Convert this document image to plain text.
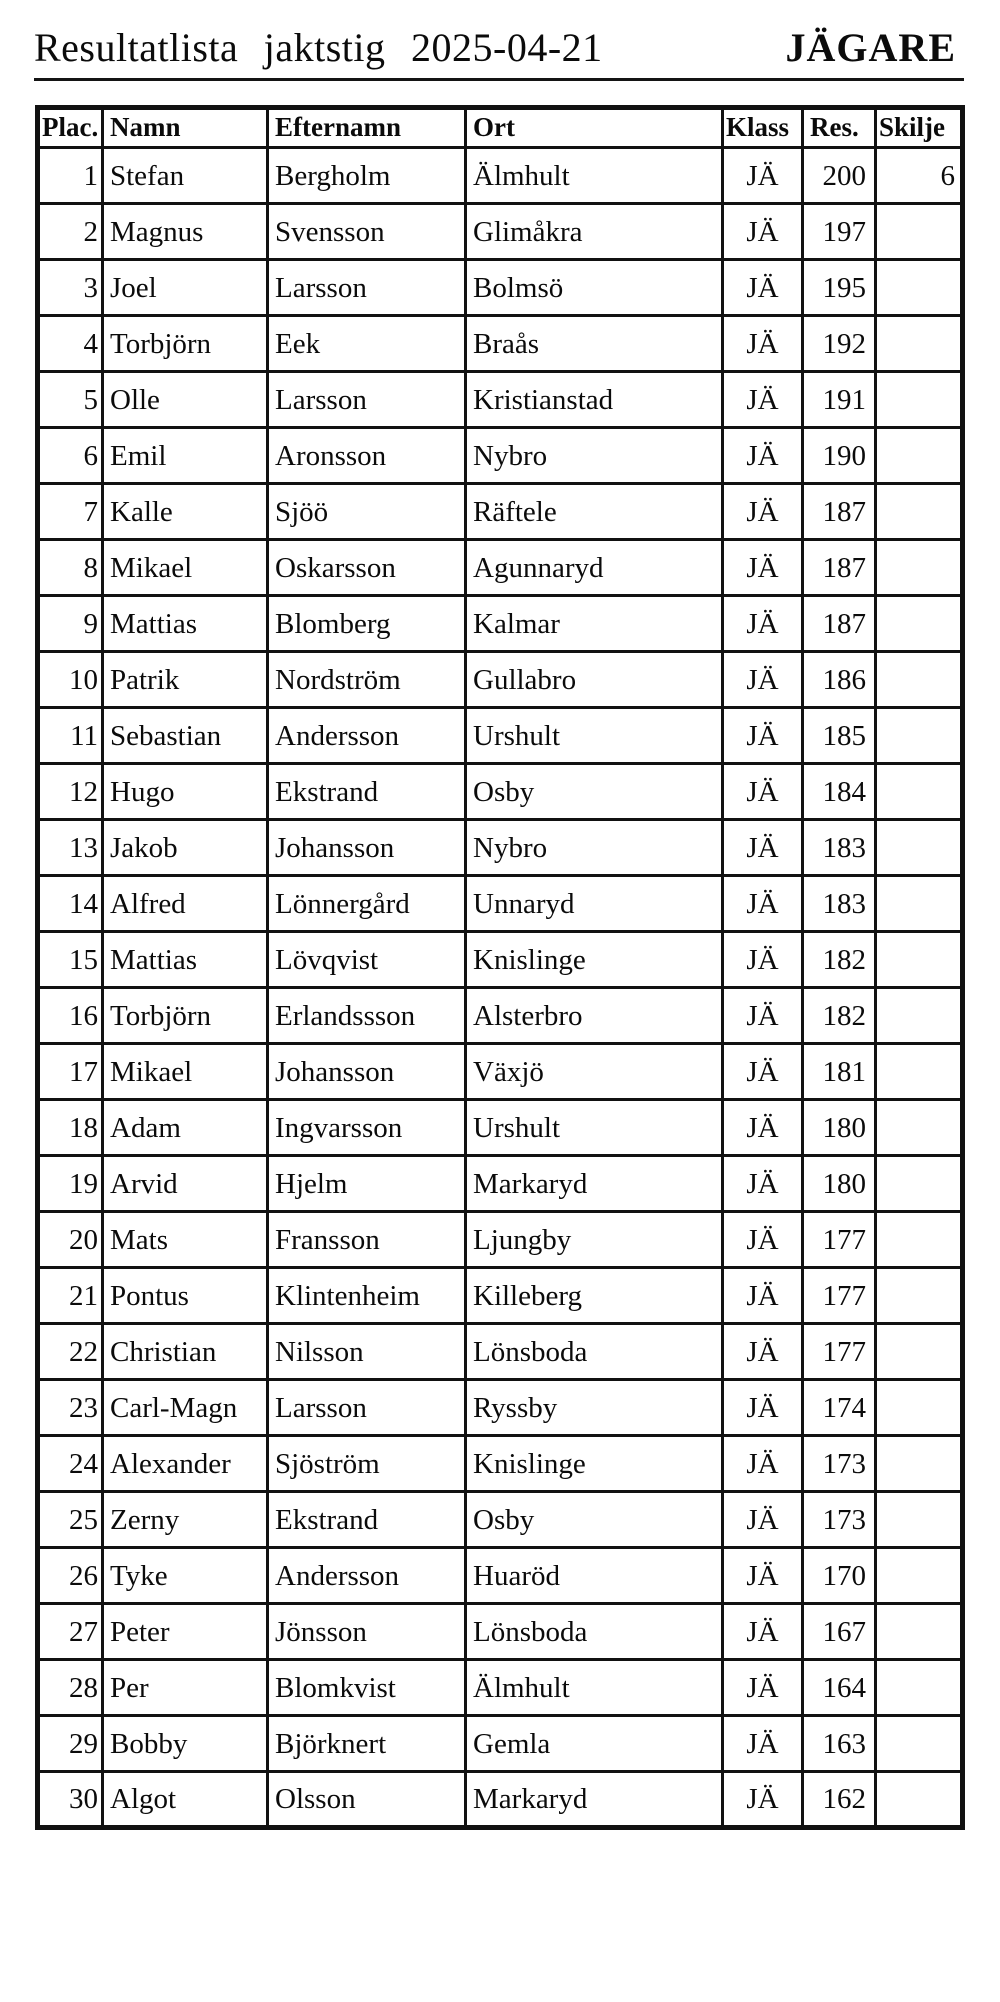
Resultatlista jaktstig 2025-04-21	JÄGARE
Plac.	Namn	Efternamn	Ort	Klass	Res.	Skilje
1	Stefan	Bergholm	Älmhult	JÄ	200	6
2	Magnus	Svensson	Glimåkra	JÄ	197	
3	Joel	Larsson	Bolmsö	JÄ	195	
4	Torbjörn	Eek	Braås	JÄ	192	
5	Olle	Larsson	Kristianstad	JÄ	191	
6	Emil	Aronsson	Nybro	JÄ	190	
7	Kalle	Sjöö	Räftele	JÄ	187	
8	Mikael	Oskarsson	Agunnaryd	JÄ	187	
9	Mattias	Blomberg	Kalmar	JÄ	187	
10	Patrik	Nordström	Gullabro	JÄ	186	
11	Sebastian	Andersson	Urshult	JÄ	185	
12	Hugo	Ekstrand	Osby	JÄ	184	
13	Jakob	Johansson	Nybro	JÄ	183	
14	Alfred	Lönnergård	Unnaryd	JÄ	183	
15	Mattias	Lövqvist	Knislinge	JÄ	182	
16	Torbjörn	Erlandssson	Alsterbro	JÄ	182	
17	Mikael	Johansson	Växjö	JÄ	181	
18	Adam	Ingvarsson	Urshult	JÄ	180	
19	Arvid	Hjelm	Markaryd	JÄ	180	
20	Mats	Fransson	Ljungby	JÄ	177	
21	Pontus	Klintenheim	Killeberg	JÄ	177	
22	Christian	Nilsson	Lönsboda	JÄ	177	
23	Carl-Magn	Larsson	Ryssby	JÄ	174	
24	Alexander	Sjöström	Knislinge	JÄ	173	
25	Zerny	Ekstrand	Osby	JÄ	173	
26	Tyke	Andersson	Huaröd	JÄ	170	
27	Peter	Jönsson	Lönsboda	JÄ	167	
28	Per	Blomkvist	Älmhult	JÄ	164	
29	Bobby	Björknert	Gemla	JÄ	163	
30	Algot	Olsson	Markaryd	JÄ	162	
